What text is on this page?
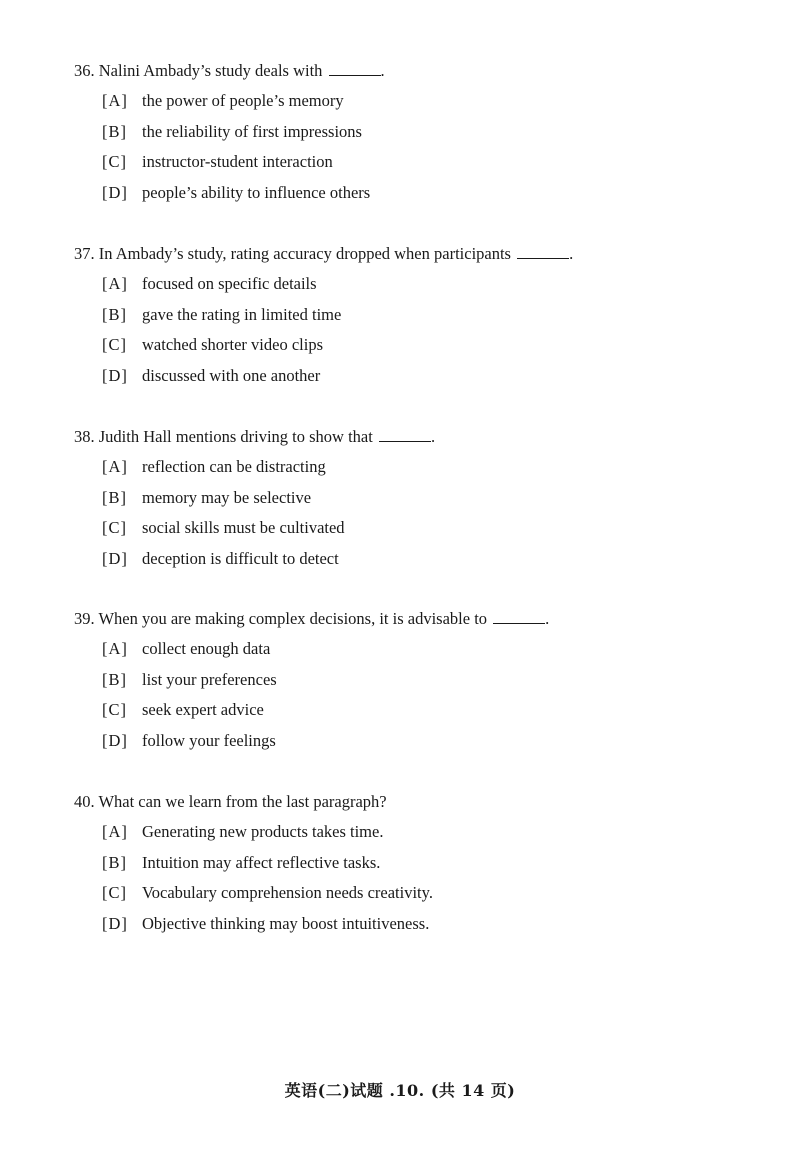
36. Nalini Ambady’s study deals with	.
[A] the power of people’s memory
[B] the reliability of first impressions
[C] instructor-student interaction
[D] people’s ability to influence others
37. In Ambady’s study, rating accuracy dropped when participants	.
[A] focused on specific details
[B] gave the rating in limited time
[C] watched shorter video clips
[D] discussed with one another
38. Judith Hall mentions driving to show that	.
[A] reflection can be distracting
[B] memory may be selective
[C] social skills must be cultivated
[D] deception is difficult to detect
39. When you are making complex decisions, it is advisable to	.
[A] collect enough data
[B] list your preferences
[C] seek expert advice
[D] follow your feelings
40. What can we learn from the last paragraph?
[A] Generating new products takes time.
[B] Intuition may affect reflective tasks.
[C] Vocabulary comprehension needs creativity.
[D] Objective thinking may boost intuitiveness.
英语(二)试题 .10. (共 14 页)
